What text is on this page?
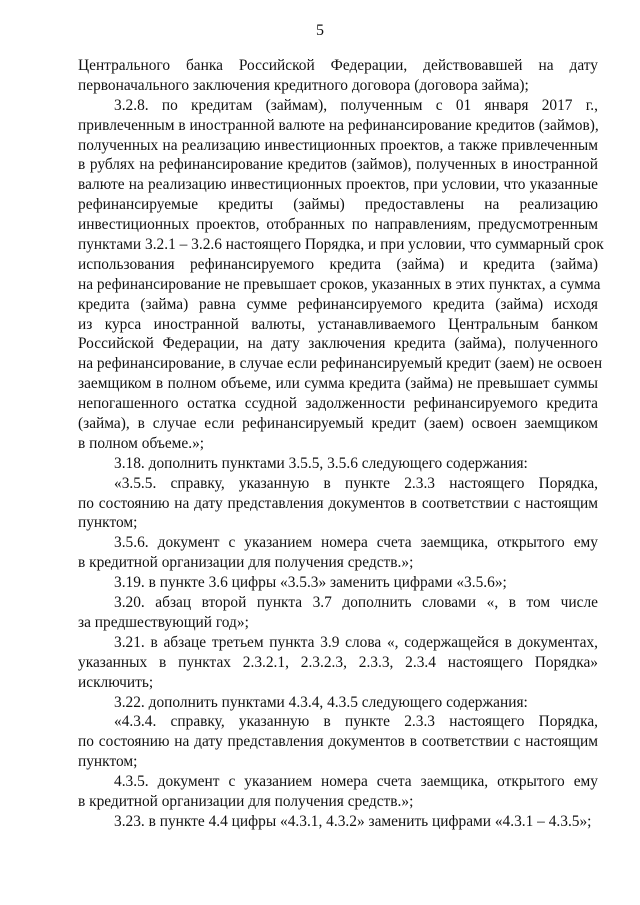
5
Центрального банка Российской Федерации, действовавшей на дату
первоначального заключения кредитного договора (договора займа);
3.2.8. по кредитам (займам), полученным с 01 января 2017 г.,
привлеченным в иностранной валюте на рефинансирование кредитов (займов),
полученных на реализацию инвестиционных проектов, а также привлеченным
в рублях на рефинансирование кредитов (займов), полученных в иностранной
валюте на реализацию инвестиционных проектов, при условии, что указанные
рефинансируемые кредиты (займы) предоставлены на реализацию
инвестиционных проектов, отобранных по направлениям, предусмотренным
пунктами 3.2.1 – 3.2.6 настоящего Порядка, и при условии, что суммарный срок
использования рефинансируемого кредита (займа) и кредита (займа)
на рефинансирование не превышает сроков, указанных в этих пунктах, а сумма
кредита (займа) равна сумме рефинансируемого кредита (займа) исходя
из курса иностранной валюты, устанавливаемого Центральным банком
Российской Федерации, на дату заключения кредита (займа), полученного
на рефинансирование, в случае если рефинансируемый кредит (заем) не освоен
заемщиком в полном объеме, или сумма кредита (займа) не превышает суммы
непогашенного остатка ссудной задолженности рефинансируемого кредита
(займа), в случае если рефинансируемый кредит (заем) освоен заемщиком
в полном объеме.»;
3.18. дополнить пунктами 3.5.5, 3.5.6 следующего содержания:
«3.5.5. справку, указанную в пункте 2.3.3 настоящего Порядка,
по состоянию на дату представления документов в соответствии с настоящим
пунктом;
3.5.6. документ с указанием номера счета заемщика, открытого ему
в кредитной организации для получения средств.»;
3.19. в пункте 3.6 цифры «3.5.3» заменить цифрами «3.5.6»;
3.20. абзац второй пункта 3.7 дополнить словами «, в том числе
за предшествующий год»;
3.21. в абзаце третьем пункта 3.9 слова «, содержащейся в документах,
указанных в пунктах 2.3.2.1, 2.3.2.3, 2.3.3, 2.3.4 настоящего Порядка»
исключить;
3.22. дополнить пунктами 4.3.4, 4.3.5 следующего содержания:
«4.3.4. справку, указанную в пункте 2.3.3 настоящего Порядка,
по состоянию на дату представления документов в соответствии с настоящим
пунктом;
4.3.5. документ с указанием номера счета заемщика, открытого ему
в кредитной организации для получения средств.»;
3.23. в пункте 4.4 цифры «4.3.1, 4.3.2» заменить цифрами «4.3.1 – 4.3.5»;
